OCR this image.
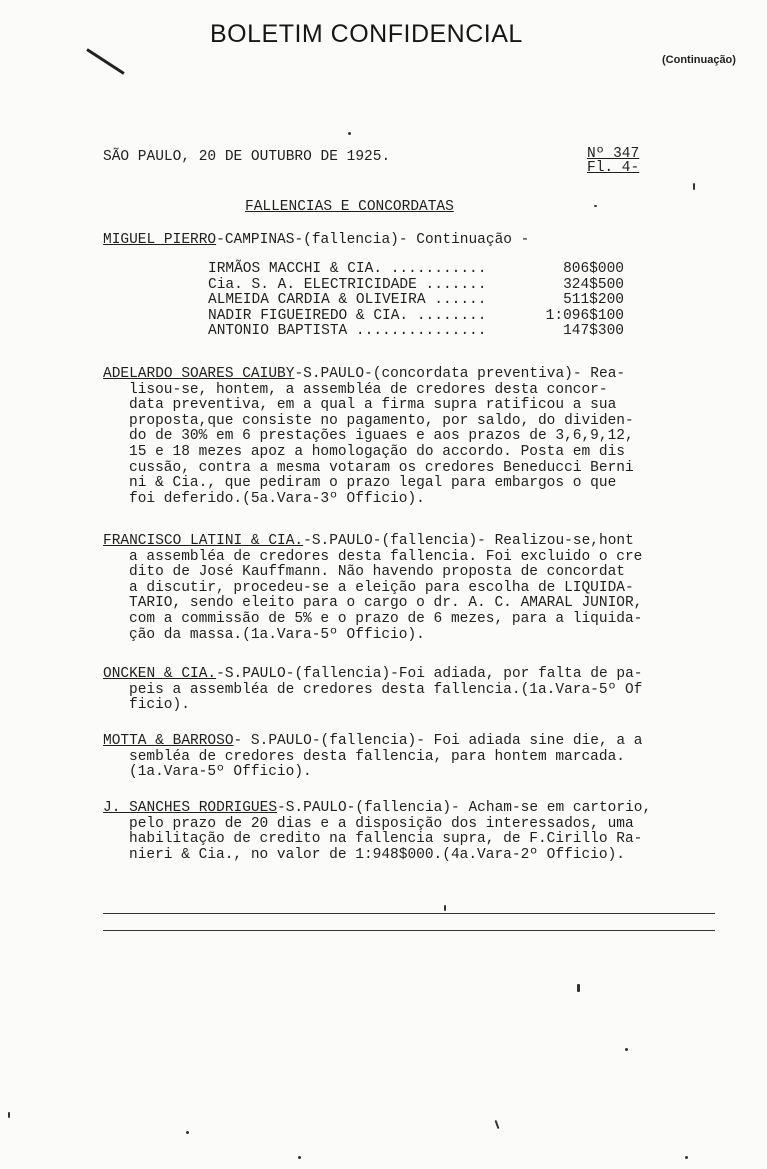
BOLETIM CONFIDENCIAL
(Continuação)
SÃO PAULO, 20 DE OUTUBRO DE 1925.	Nº 347
Fl. 4-
FALLENCIAS E CONCORDATAS
MIGUEL PIERRO-CAMPINAS-(fallencia)- Continuação -
IRMÃOS MACCHI & CIA. ...........	806$000
Cia. S. A. ELECTRICIDADE .......	324$500
ALMEIDA CARDIA & OLIVEIRA ......	511$200
NADIR FIGUEIREDO & CIA. ........	1:096$100
ANTONIO BAPTISTA ...............	147$300
ADELARDO SOARES CAIUBY-S.PAULO-(concordata preventiva)- Rea-
lisou-se, hontem, a assembléa de credores desta concor-
data preventiva, em a qual a firma supra ratificou a sua
proposta,que consiste no pagamento, por saldo, do dividen-
do de 30% em 6 prestações iguaes e aos prazos de 3,6,9,12,
15 e 18 mezes apoz a homologação do accordo. Posta em dis
cussão, contra a mesma votaram os credores Beneducci Berni
ni & Cia., que pediram o prazo legal para embargos o que
foi deferido.(5a.Vara-3º Officio).
FRANCISCO LATINI & CIA.-S.PAULO-(fallencia)- Realizou-se,hont
a assembléa de credores desta fallencia. Foi excluido o cre
dito de José Kauffmann. Não havendo proposta de concordat
a discutir, procedeu-se a eleição para escolha de LIQUIDA-
TARIO, sendo eleito para o cargo o dr. A. C. AMARAL JUNIOR,
com a commissão de 5% e o prazo de 6 mezes, para a liquida-
ção da massa.(1a.Vara-5º Officio).
ONCKEN & CIA.-S.PAULO-(fallencia)-Foi adiada, por falta de pa-
peis a assembléa de credores desta fallencia.(1a.Vara-5º Of
ficio).
MOTTA & BARROSO- S.PAULO-(fallencia)- Foi adiada sine die, a a
sembléa de credores desta fallencia, para hontem marcada.
(1a.Vara-5º Officio).
J. SANCHES RODRIGUES-S.PAULO-(fallencia)- Acham-se em cartorio,
pelo prazo de 20 dias e a disposição dos interessados, uma
habilitação de credito na fallencia supra, de F.Cirillo Ra-
nieri & Cia., no valor de 1:948$000.(4a.Vara-2º Officio).
